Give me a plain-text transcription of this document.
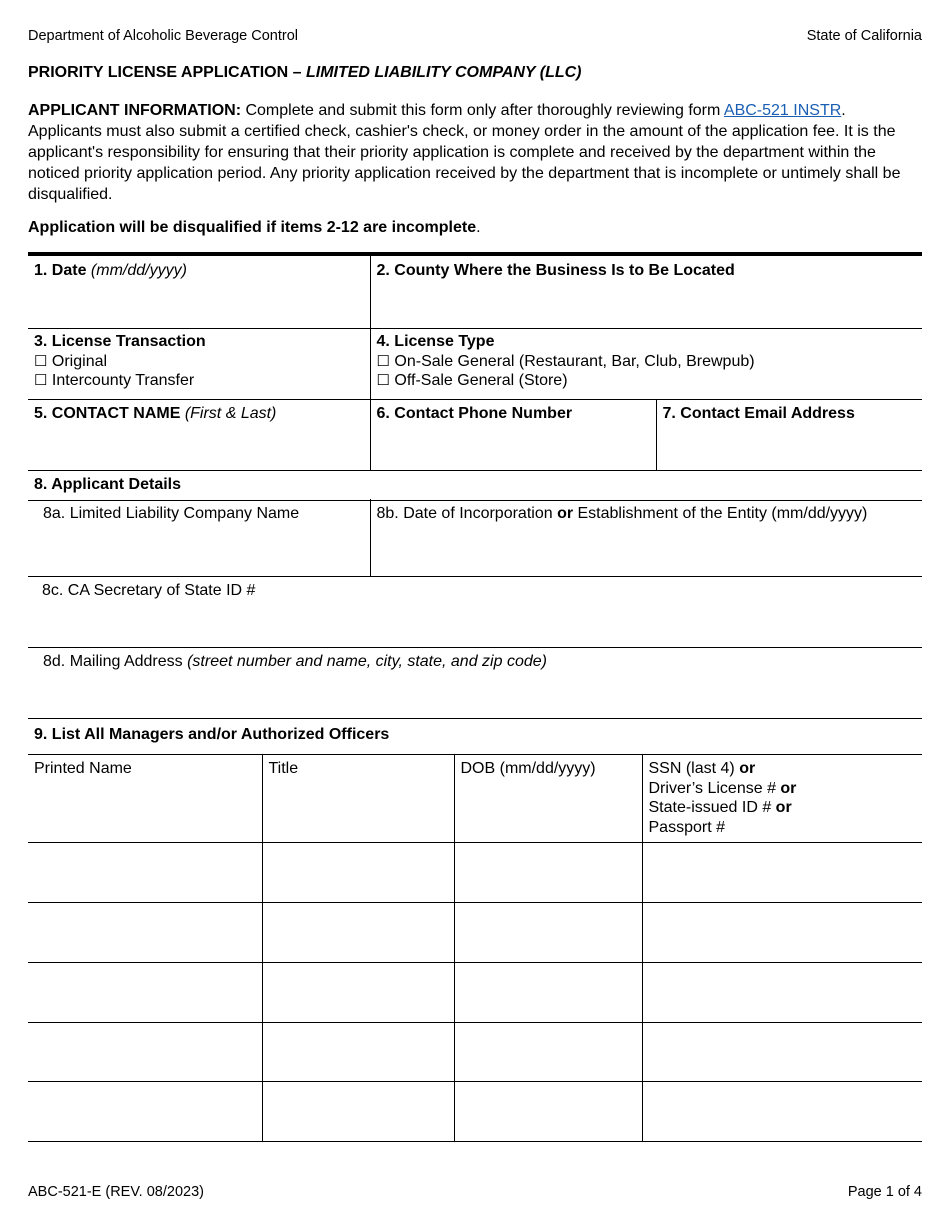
Department of Alcoholic Beverage Control	State of California
PRIORITY LICENSE APPLICATION – LIMITED LIABILITY COMPANY (LLC)
APPLICANT INFORMATION: Complete and submit this form only after thoroughly reviewing form ABC-521 INSTR. Applicants must also submit a certified check, cashier's check, or money order in the amount of the application fee. It is the applicant's responsibility for ensuring that their priority application is complete and received by the department within the noticed priority application period. Any priority application received by the department that is incomplete or untimely shall be disqualified.
Application will be disqualified if items 2-12 are incomplete.
1. Date (mm/dd/yyyy)	2. County Where the Business Is to Be Located
3. License Transaction
☐ Original
☐ Intercounty Transfer

4. License Type
☐ On-Sale General (Restaurant, Bar, Club, Brewpub)
☐ Off-Sale General (Store)
5. CONTACT NAME (First & Last)	6. Contact Phone Number	7. Contact Email Address
8. Applicant Details
8a. Limited Liability Company Name	8b. Date of Incorporation or Establishment of the Entity (mm/dd/yyyy)
8c. CA Secretary of State ID #
8d. Mailing Address (street number and name, city, state, and zip code)
9. List All Managers and/or Authorized Officers
Printed Name	Title	DOB (mm/dd/yyyy)	SSN (last 4) or
Driver’s License # or
State-issued ID # or
Passport #

ABC-521-E (REV. 08/2023)	Page 1 of 4
